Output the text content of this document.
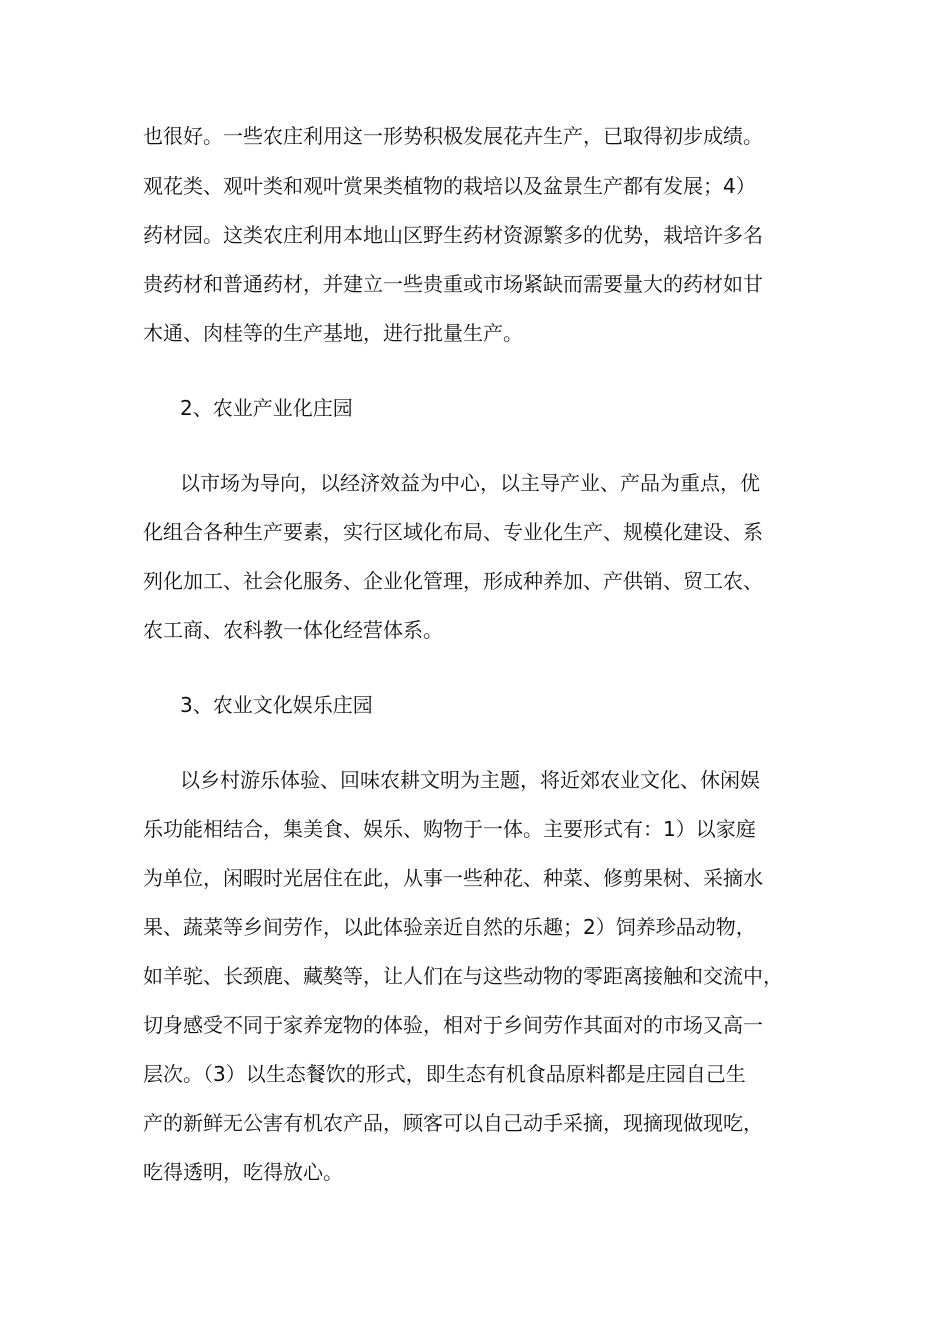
也很好。一些农庄利用这一形势积极发展花卉生产，已取得初步成绩。
观花类、观叶类和观叶赏果类植物的栽培以及盆景生产都有发展；4）
药材园。这类农庄利用本地山区野生药材资源繁多的优势，栽培许多名
贵药材和普通药材，并建立一些贵重或市场紧缺而需要量大的药材如甘
木通、肉桂等的生产基地，进行批量生产。
2、农业产业化庄园
以市场为导向，以经济效益为中心，以主导产业、产品为重点，优
化组合各种生产要素，实行区域化布局、专业化生产、规模化建设、系
列化加工、社会化服务、企业化管理，形成种养加、产供销、贸工农、
农工商、农科教一体化经营体系。
3、农业文化娱乐庄园
以乡村游乐体验、回味农耕文明为主题，将近郊农业文化、休闲娱
乐功能相结合，集美食、娱乐、购物于一体。主要形式有：1）以家庭
为单位，闲暇时光居住在此，从事一些种花、种菜、修剪果树、采摘水
果、蔬菜等乡间劳作，以此体验亲近自然的乐趣；2）饲养珍品动物，
如羊驼、长颈鹿、藏獒等，让人们在与这些动物的零距离接触和交流中，
切身感受不同于家养宠物的体验，相对于乡间劳作其面对的市场又高一
层次。（3）以生态餐饮的形式，即生态有机食品原料都是庄园自己生
产的新鲜无公害有机农产品，顾客可以自己动手采摘，现摘现做现吃，
吃得透明，吃得放心。
